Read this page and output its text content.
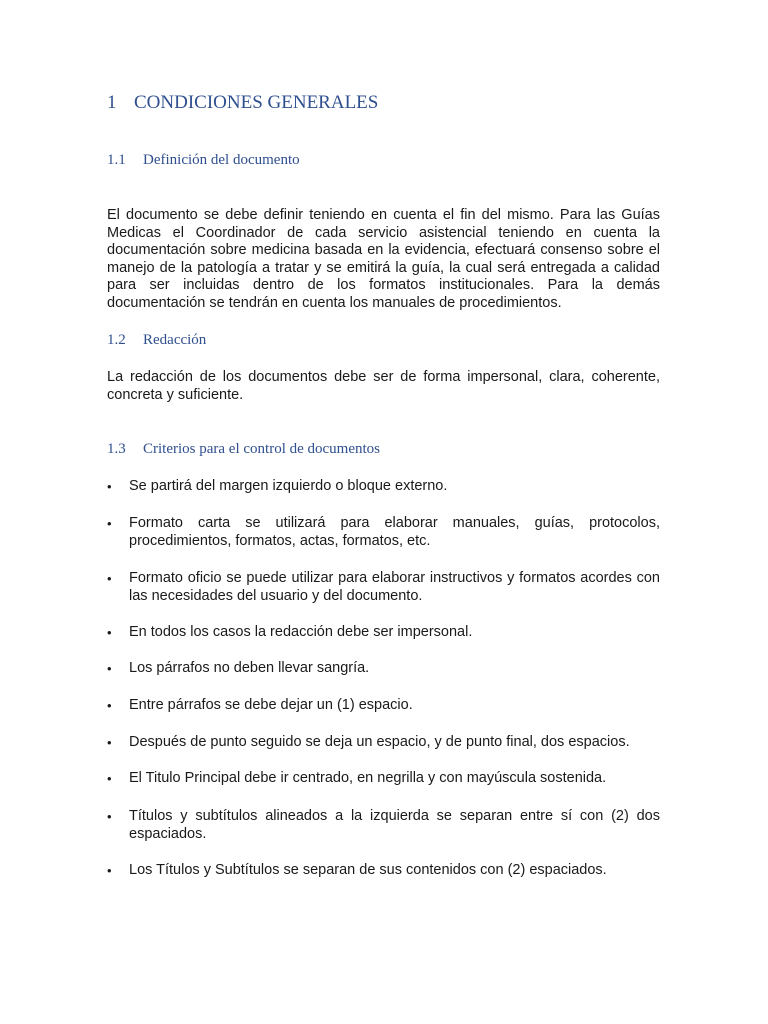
1 CONDICIONES GENERALES
1.1 Definición del documento

El documento se debe definir teniendo en cuenta el fin del mismo. Para las Guías Medicas el Coordinador de cada servicio asistencial teniendo en cuenta la documentación sobre medicina basada en la evidencia, efectuará consenso sobre el manejo de la patología a tratar y se emitirá la guía, la cual será entregada a calidad para ser incluidas dentro de los formatos institucionales. Para la demás documentación se tendrán en cuenta los manuales de procedimientos.

1.2 Redacción

La redacción de los documentos debe ser de forma impersonal, clara, coherente, concreta y suficiente.

1.3 Criterios para el control de documentos
•	Se partirá del margen izquierdo o bloque externo.
•	Formato carta se utilizará para elaborar manuales, guías, protocolos, procedimientos, formatos, actas, formatos, etc.
•	Formato oficio se puede utilizar para elaborar instructivos y formatos acordes con las necesidades del usuario y del documento.
•	En todos los casos la redacción debe ser impersonal.
•	Los párrafos no deben llevar sangría.
•	Entre párrafos se debe dejar un (1) espacio.
•	Después de punto seguido se deja un espacio, y de punto final, dos espacios.
•	El Titulo Principal debe ir centrado, en negrilla y con mayúscula sostenida.
•	Títulos y subtítulos alineados a la izquierda se separan entre sí con (2) dos espaciados.
•	Los Títulos y Subtítulos se separan de sus contenidos con (2) espaciados.
